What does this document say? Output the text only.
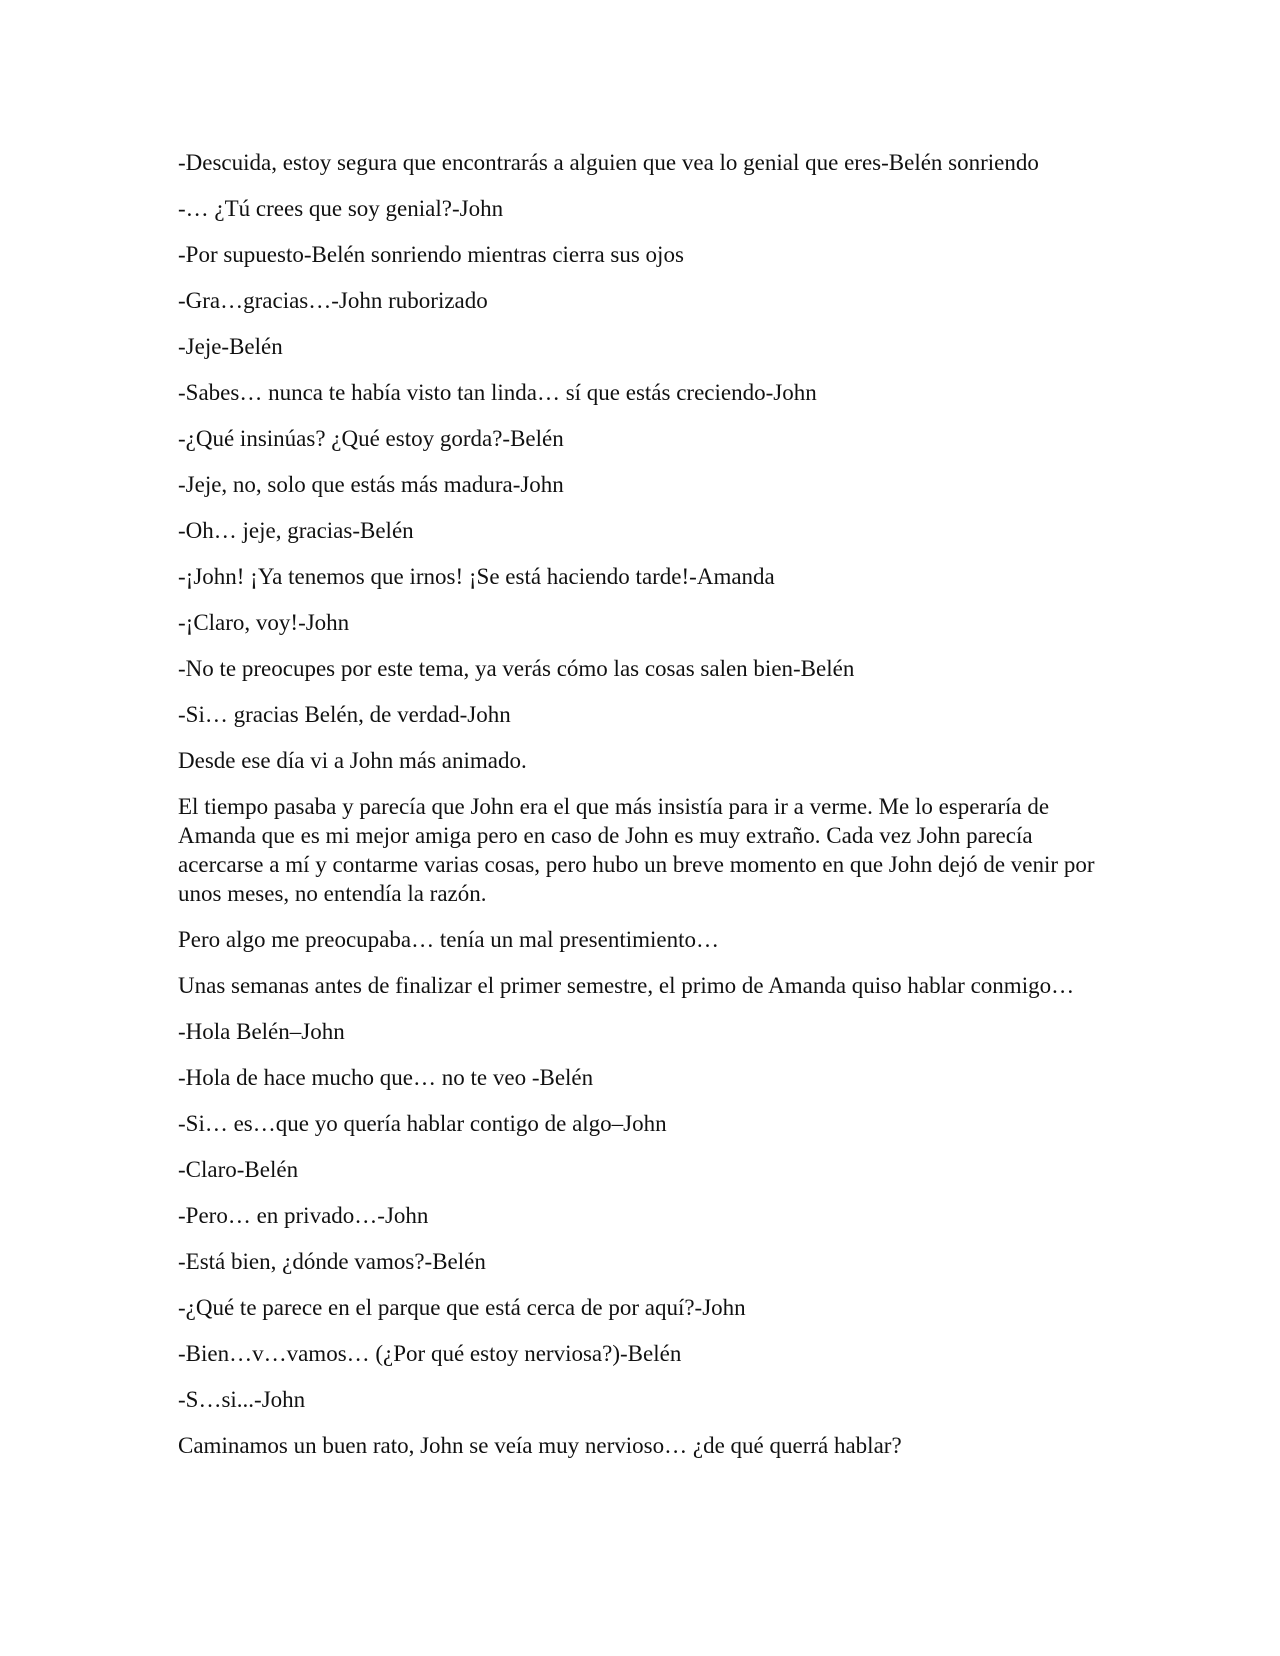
-Descuida, estoy segura que encontrarás a alguien que vea lo genial que eres-Belén sonriendo

-… ¿Tú crees que soy genial?-John

-Por supuesto-Belén sonriendo mientras cierra sus ojos

-Gra…gracias…-John ruborizado

-Jeje-Belén

-Sabes… nunca te había visto tan linda… sí que estás creciendo-John

-¿Qué insinúas? ¿Qué estoy gorda?-Belén

-Jeje, no, solo que estás más madura-John

-Oh… jeje, gracias-Belén

-¡John! ¡Ya tenemos que irnos! ¡Se está haciendo tarde!-Amanda

-¡Claro, voy!-John

-No te preocupes por este tema, ya verás cómo las cosas salen bien-Belén

-Si… gracias Belén, de verdad-John

Desde ese día vi a John más animado.

El tiempo pasaba y parecía que John era el que más insistía para ir a verme. Me lo esperaría de Amanda que es mi mejor amiga pero en caso de John es muy extraño. Cada vez John parecía acercarse a mí y contarme varias cosas, pero hubo un breve momento en que John dejó de venir por unos meses, no entendía la razón.

Pero algo me preocupaba… tenía un mal presentimiento…

Unas semanas antes de finalizar el primer semestre, el primo de Amanda quiso hablar conmigo…

-Hola Belén–John

-Hola de hace mucho que… no te veo -Belén

-Si… es…que yo quería hablar contigo de algo–John

-Claro-Belén

-Pero… en privado…-John

-Está bien, ¿dónde vamos?-Belén

-¿Qué te parece en el parque que está cerca de por aquí?-John

-Bien…v…vamos… (¿Por qué estoy nerviosa?)-Belén

-S…si...-John

Caminamos un buen rato, John se veía muy nervioso… ¿de qué querrá hablar?
